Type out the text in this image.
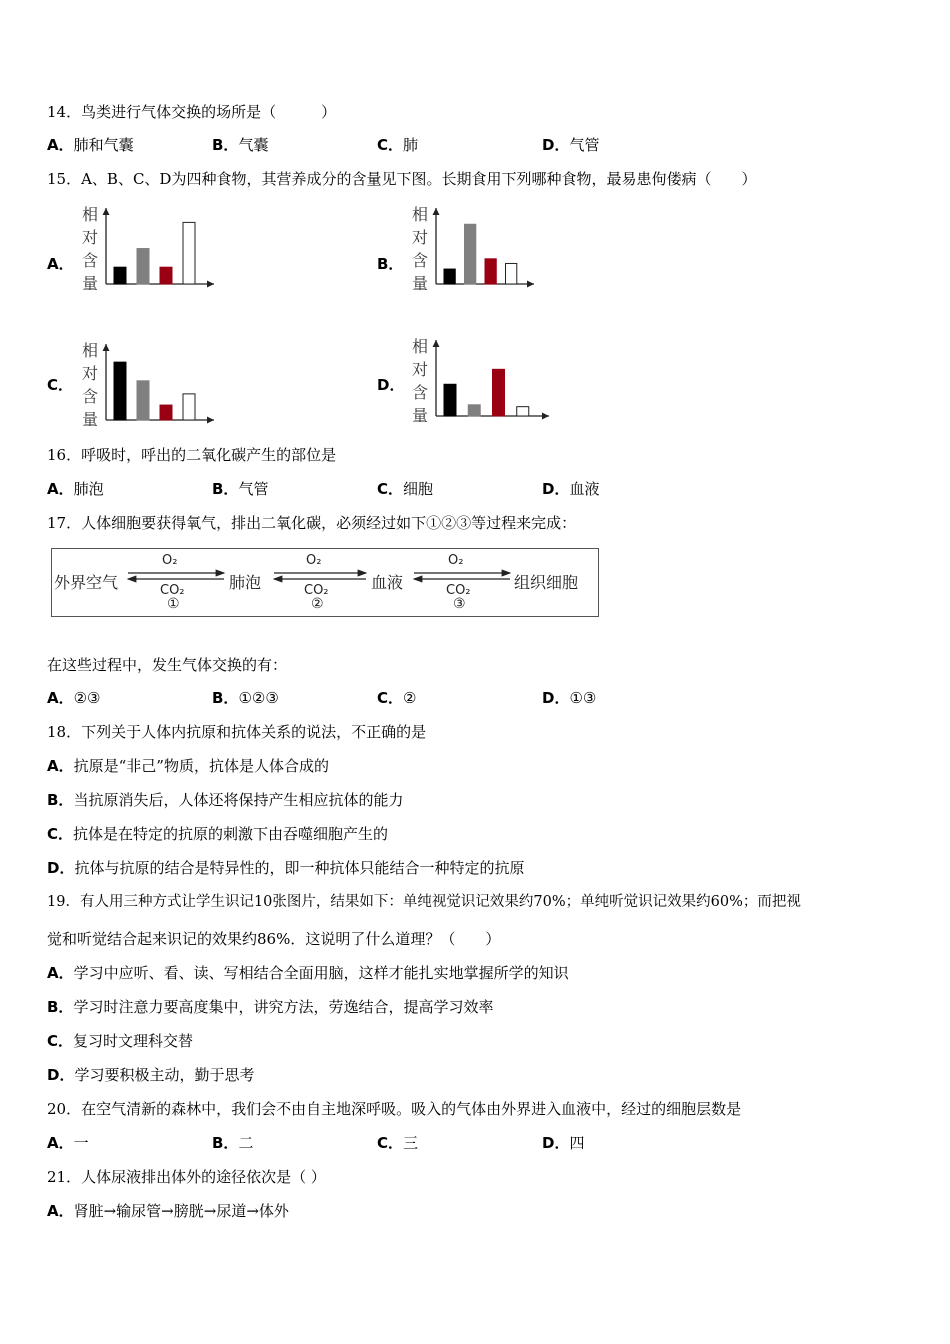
14．鸟类进行气体交换的场所是（　　　）
A．肺和气囊	B．气囊	C．肺	D．气管
15．A、B、C、D为四种食物，其营养成分的含量见下图。长期食用下列哪种食物，最易患佝偻病（　　）
A．
相
对
含
量
B．
相
对
含
量
C．
相
对
含
量
D．
相
对
含
量
16．呼吸时，呼出的二氧化碳产生的部位是
A．肺泡	B．气管	C．细胞	D．血液
17．人体细胞要获得氧气，排出二氧化碳，必须经过如下①②③等过程来完成：
外界空气	肺泡	血液	组织细胞
O₂
CO₂
①
O₂
CO₂
②
O₂
CO₂
③
在这些过程中，发生气体交换的有：
A．②③	B．①②③	C．②	D．①③
18．下列关于人体内抗原和抗体关系的说法，不正确的是
A．抗原是“非己”物质，抗体是人体合成的
B．当抗原消失后，人体还将保持产生相应抗体的能力
C．抗体是在特定的抗原的刺激下由吞噬细胞产生的
D．抗体与抗原的结合是特异性的，即一种抗体只能结合一种特定的抗原
19．有人用三种方式让学生识记10张图片，结果如下：单纯视觉识记效果约70%；单纯听觉识记效果约60%；而把视
觉和听觉结合起来识记的效果约86%．这说明了什么道理？（　　）
A．学习中应听、看、读、写相结合全面用脑，这样才能扎实地掌握所学的知识
B．学习时注意力要高度集中，讲究方法，劳逸结合，提高学习效率
C．复习时文理科交替
D．学习要积极主动，勤于思考
20．在空气清新的森林中，我们会不由自主地深呼吸。吸入的气体由外界进入血液中，经过的细胞层数是
A．一	B．二	C．三	D．四
21．人体尿液排出体外的途径依次是（ ）
A．肾脏→输尿管→膀胱→尿道→体外
